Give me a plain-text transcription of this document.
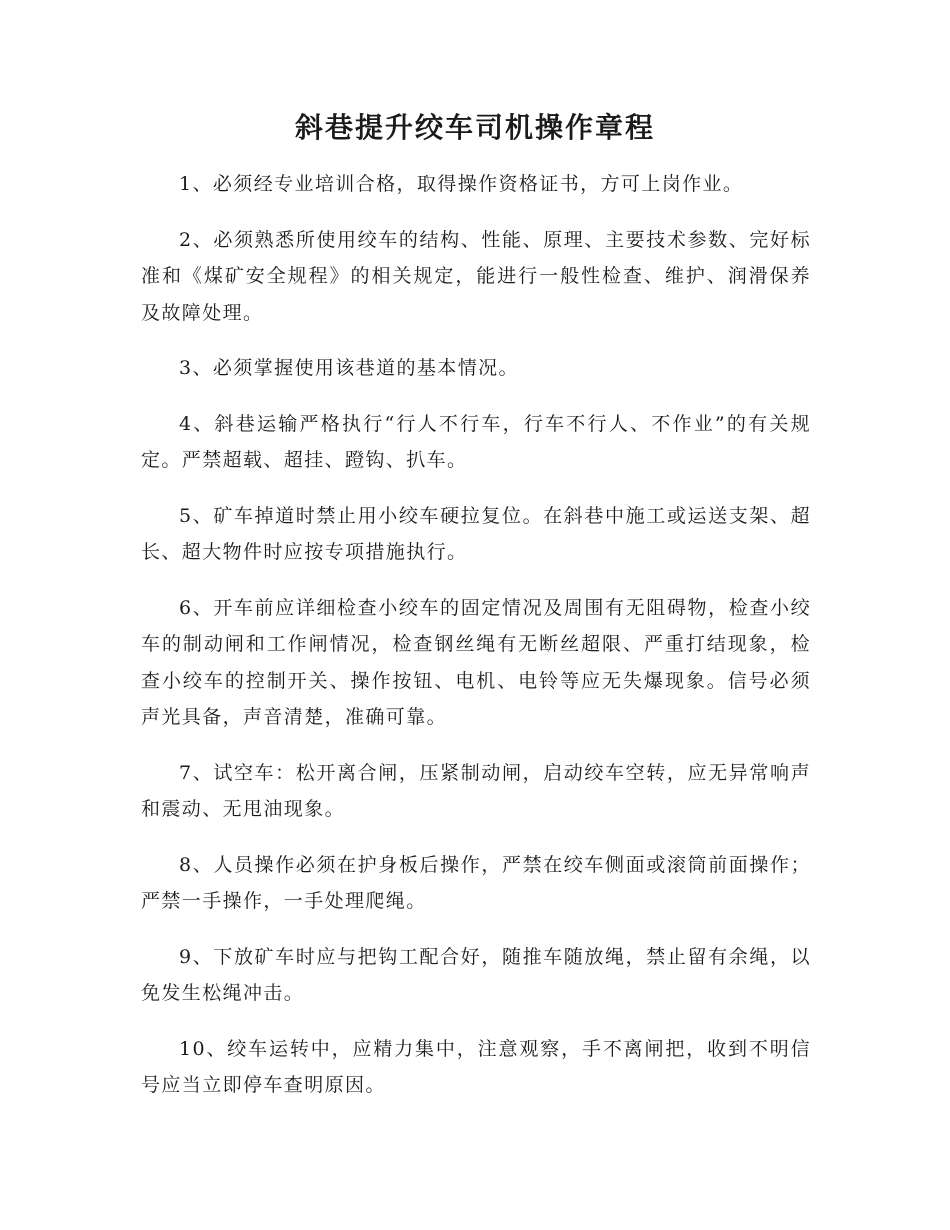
斜巷提升绞车司机操作章程

1、必须经专业培训合格，取得操作资格证书，方可上岗作业。

2、必须熟悉所使用绞车的结构、性能、原理、主要技术参数、完好标准和《煤矿安全规程》的相关规定，能进行一般性检查、维护、润滑保养及故障处理。

3、必须掌握使用该巷道的基本情况。

4、斜巷运输严格执行“行人不行车，行车不行人、不作业”的有关规定。严禁超载、超挂、蹬钩、扒车。

5、矿车掉道时禁止用小绞车硬拉复位。在斜巷中施工或运送支架、超长、超大物件时应按专项措施执行。

6、开车前应详细检查小绞车的固定情况及周围有无阻碍物，检查小绞车的制动闸和工作闸情况，检查钢丝绳有无断丝超限、严重打结现象，检查小绞车的控制开关、操作按钮、电机、电铃等应无失爆现象。信号必须声光具备，声音清楚，准确可靠。

7、试空车：松开离合闸，压紧制动闸，启动绞车空转，应无异常响声和震动、无甩油现象。

8、人员操作必须在护身板后操作，严禁在绞车侧面或滚筒前面操作；严禁一手操作，一手处理爬绳。

9、下放矿车时应与把钩工配合好，随推车随放绳，禁止留有余绳，以免发生松绳冲击。

10、绞车运转中，应精力集中，注意观察，手不离闸把，收到不明信号应当立即停车查明原因。
